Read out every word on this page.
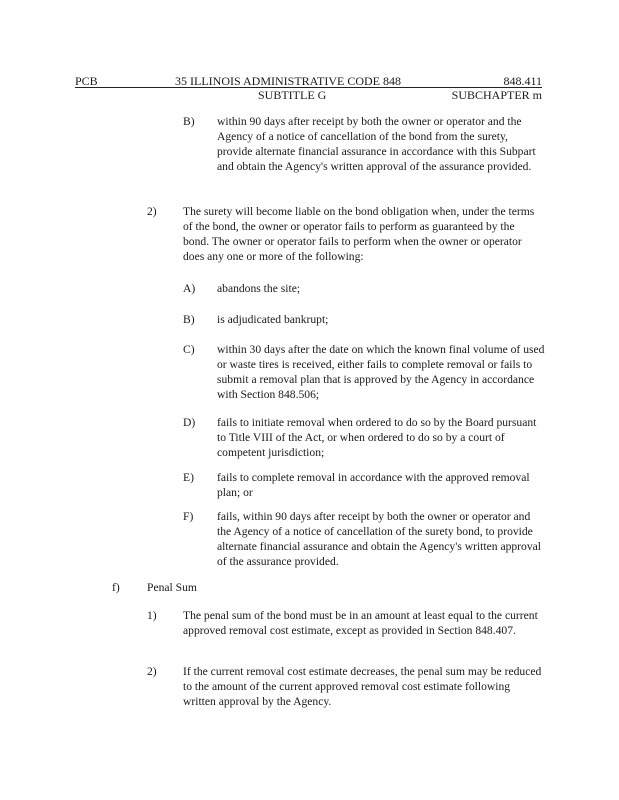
PCB	35 ILLINOIS ADMINISTRATIVE CODE 848	848.411
SUBTITLE G	SUBCHAPTER m
B) within 90 days after receipt by both the owner or operator and the Agency of a notice of cancellation of the bond from the surety, provide alternate financial assurance in accordance with this Subpart and obtain the Agency's written approval of the assurance provided.
2) The surety will become liable on the bond obligation when, under the terms of the bond, the owner or operator fails to perform as guaranteed by the bond. The owner or operator fails to perform when the owner or operator does any one or more of the following:
A) abandons the site;
B) is adjudicated bankrupt;
C) within 30 days after the date on which the known final volume of used or waste tires is received, either fails to complete removal or fails to submit a removal plan that is approved by the Agency in accordance with Section 848.506;
D) fails to initiate removal when ordered to do so by the Board pursuant to Title VIII of the Act, or when ordered to do so by a court of competent jurisdiction;
E) fails to complete removal in accordance with the approved removal plan; or
F) fails, within 90 days after receipt by both the owner or operator and the Agency of a notice of cancellation of the surety bond, to provide alternate financial assurance and obtain the Agency's written approval of the assurance provided.
f) Penal Sum
1) The penal sum of the bond must be in an amount at least equal to the current approved removal cost estimate, except as provided in Section 848.407.
2) If the current removal cost estimate decreases, the penal sum may be reduced to the amount of the current approved removal cost estimate following written approval by the Agency.
